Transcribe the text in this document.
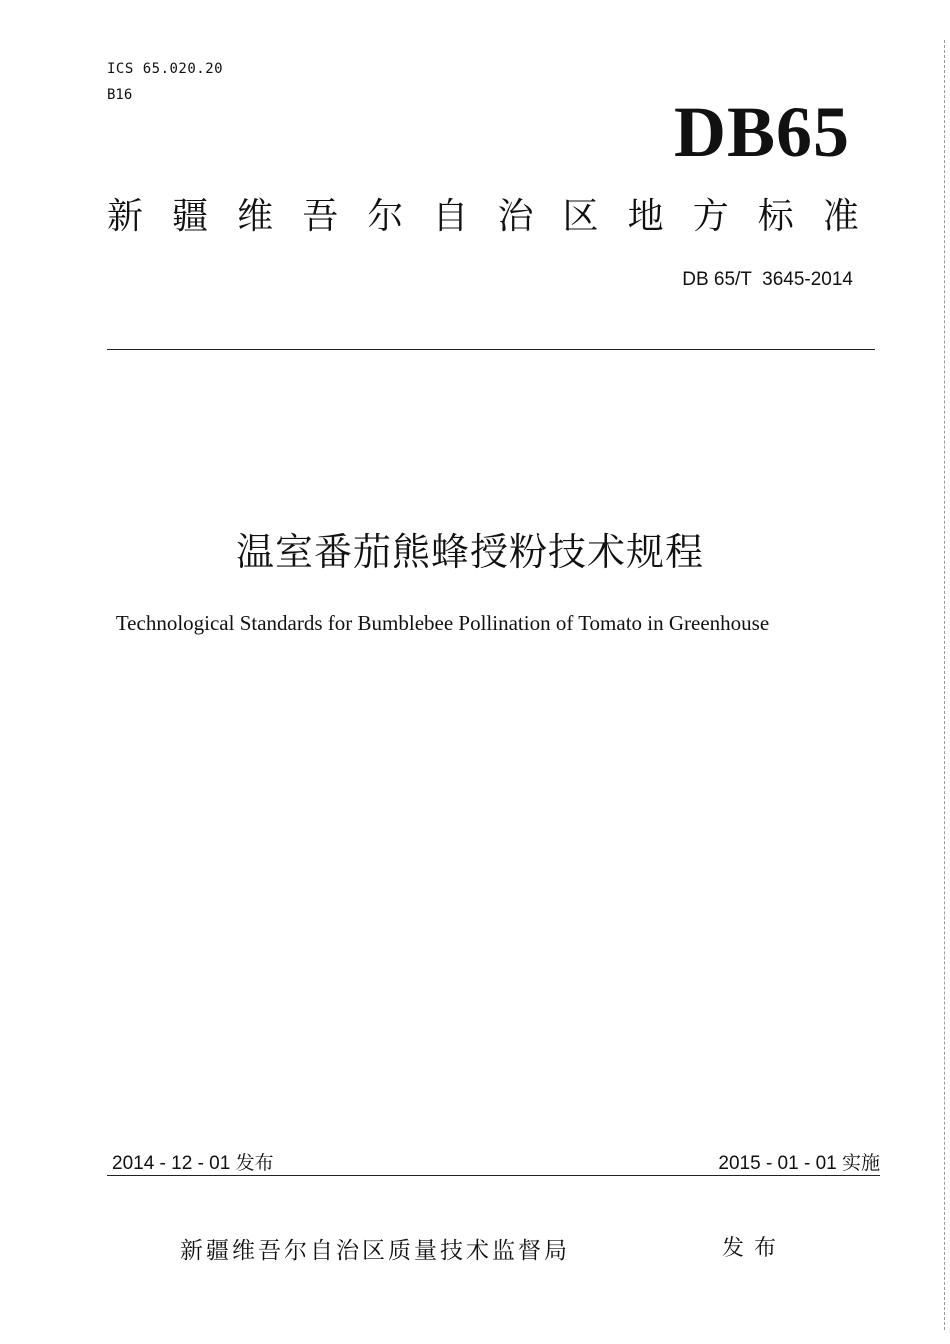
ICS 65.020.20
B16	DB65
新 疆 维 吾 尔 自 治 区 地 方 标 准
DB 65/T  3645-2014
温室番茄熊蜂授粉技术规程
Technological Standards for Bumblebee Pollination of Tomato in Greenhouse
2014 - 12 - 01 发布	2015 - 01 - 01 实施
新疆维吾尔自治区质量技术监督局	发布
